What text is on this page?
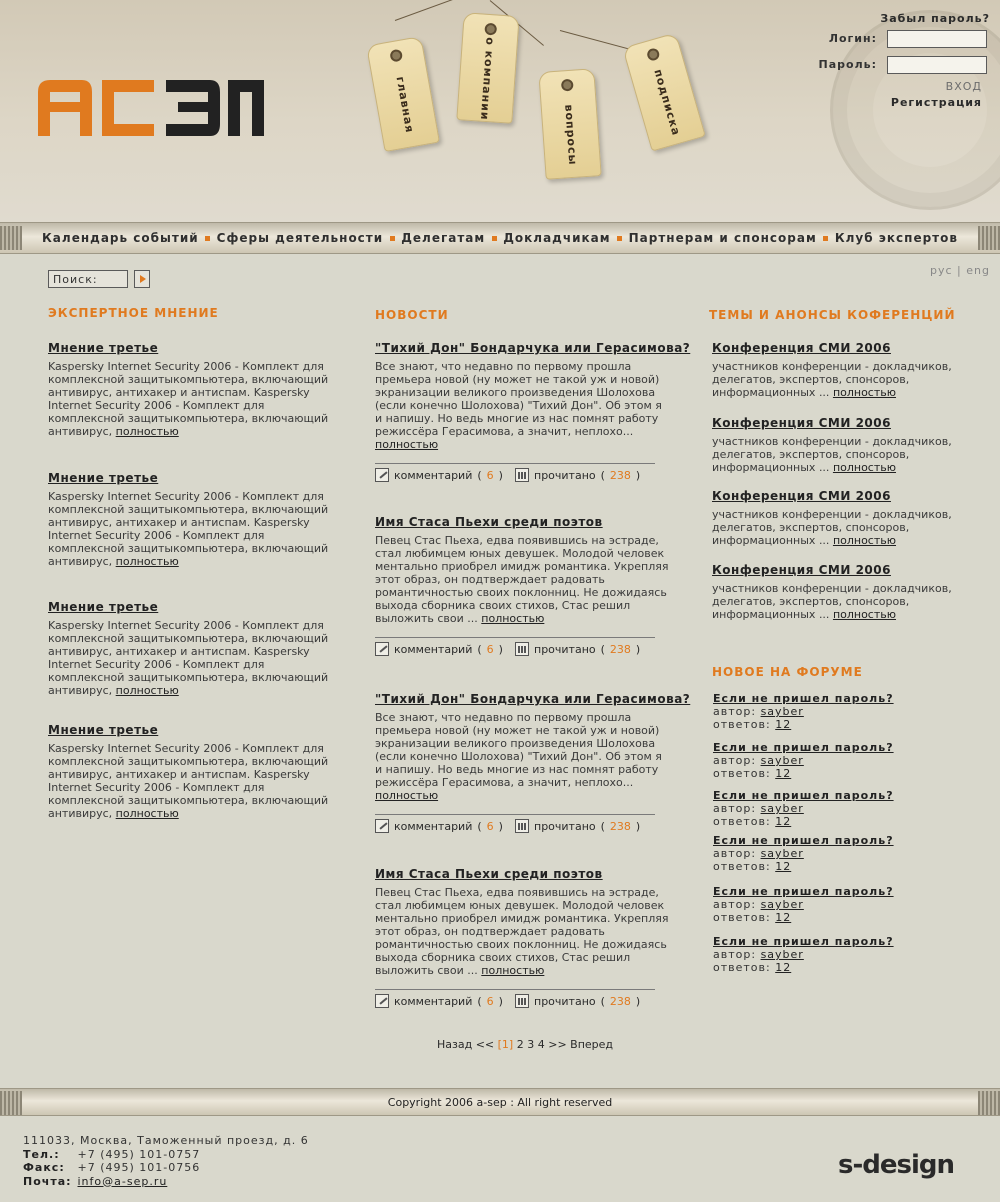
главная	о компании
вопросы	подписка
Забыл пароль?
Логин:
Пароль:
ВХОД
Регистрация
Календарь событий Сферы деятельности Делегатам Докладчикам Партнерам и спонсорам Клуб экспертов
Поиск:
рус | eng
ЭКСПЕРТНОЕ МНЕНИЕ
Мнение третье
Kaspersky Internet Security 2006 - Комплект для комплексной защитыкомпьютера, включающий антивирус, антихакер и антиспам. Kaspersky Internet Security 2006 - Комплект для комплексной защитыкомпьютера, включающий антивирус, полностью
Мнение третье
Kaspersky Internet Security 2006 - Комплект для комплексной защитыкомпьютера, включающий антивирус, антихакер и антиспам. Kaspersky Internet Security 2006 - Комплект для комплексной защитыкомпьютера, включающий антивирус, полностью
Мнение третье
Kaspersky Internet Security 2006 - Комплект для комплексной защитыкомпьютера, включающий антивирус, антихакер и антиспам. Kaspersky Internet Security 2006 - Комплект для комплексной защитыкомпьютера, включающий антивирус, полностью
Мнение третье
Kaspersky Internet Security 2006 - Комплект для комплексной защитыкомпьютера, включающий антивирус, антихакер и антиспам. Kaspersky Internet Security 2006 - Комплект для комплексной защитыкомпьютера, включающий антивирус, полностью
НОВОСТИ
"Тихий Дон" Бондарчука или Герасимова?
Все знают, что недавно по первому прошла премьера новой (ну может не такой уж и новой) экранизации великого произведения Шолохова (если конечно Шолохова) "Тихий Дон". Об этом я и напишу. Но ведь многие из нас помнят работу режиссёра Герасимова, а значит, неплохо... полностью
комментарий ( 6 )	прочитано ( 238 )
Имя Стаса Пьехи среди поэтов
Певец Стас Пьеха, едва появившись на эстраде, стал любимцем юных девушек. Молодой человек ментально приобрел имидж романтика. Укрепляя этот образ, он подтверждает радовать романтичностью своих поклонниц. Не дожидаясь выхода сборника своих стихов, Стас решил выложить свои ... полностью
комментарий ( 6 )	прочитано ( 238 )
"Тихий Дон" Бондарчука или Герасимова?
Все знают, что недавно по первому прошла премьера новой (ну может не такой уж и новой) экранизации великого произведения Шолохова (если конечно Шолохова) "Тихий Дон". Об этом я и напишу. Но ведь многие из нас помнят работу режиссёра Герасимова, а значит, неплохо... полностью
комментарий ( 6 )	прочитано ( 238 )
Имя Стаса Пьехи среди поэтов
Певец Стас Пьеха, едва появившись на эстраде, стал любимцем юных девушек. Молодой человек ментально приобрел имидж романтика. Укрепляя этот образ, он подтверждает радовать романтичностью своих поклонниц. Не дожидаясь выхода сборника своих стихов, Стас решил выложить свои ... полностью
комментарий ( 6 )	прочитано ( 238 )
Назад << [1] 2 3 4 >> Вперед
ТЕМЫ И АНОНСЫ КОФЕРЕНЦИЙ
Конференция СМИ 2006
участников конференции - докладчиков, делегатов, экспертов, спонсоров, информационных ... полностью
Конференция СМИ 2006
участников конференции - докладчиков, делегатов, экспертов, спонсоров, информационных ... полностью
Конференция СМИ 2006
участников конференции - докладчиков, делегатов, экспертов, спонсоров, информационных ... полностью
Конференция СМИ 2006
участников конференции - докладчиков, делегатов, экспертов, спонсоров, информационных ... полностью
НОВОЕ НА ФОРУМЕ
Если не пришел пароль?
автор: sayber
ответов: 12
Если не пришел пароль?
автор: sayber
ответов: 12
Если не пришел пароль?
автор: sayber
ответов: 12
Если не пришел пароль?
автор: sayber
ответов: 12
Если не пришел пароль?
автор: sayber
ответов: 12
Если не пришел пароль?
автор: sayber
ответов: 12
Copyright 2006 a-sep : All right reserved
111033, Москва, Таможенный проезд, д. 6
Тел.: +7 (495) 101-0757
Факс: +7 (495) 101-0756
Почта: info@a-sep.ru
s-design
